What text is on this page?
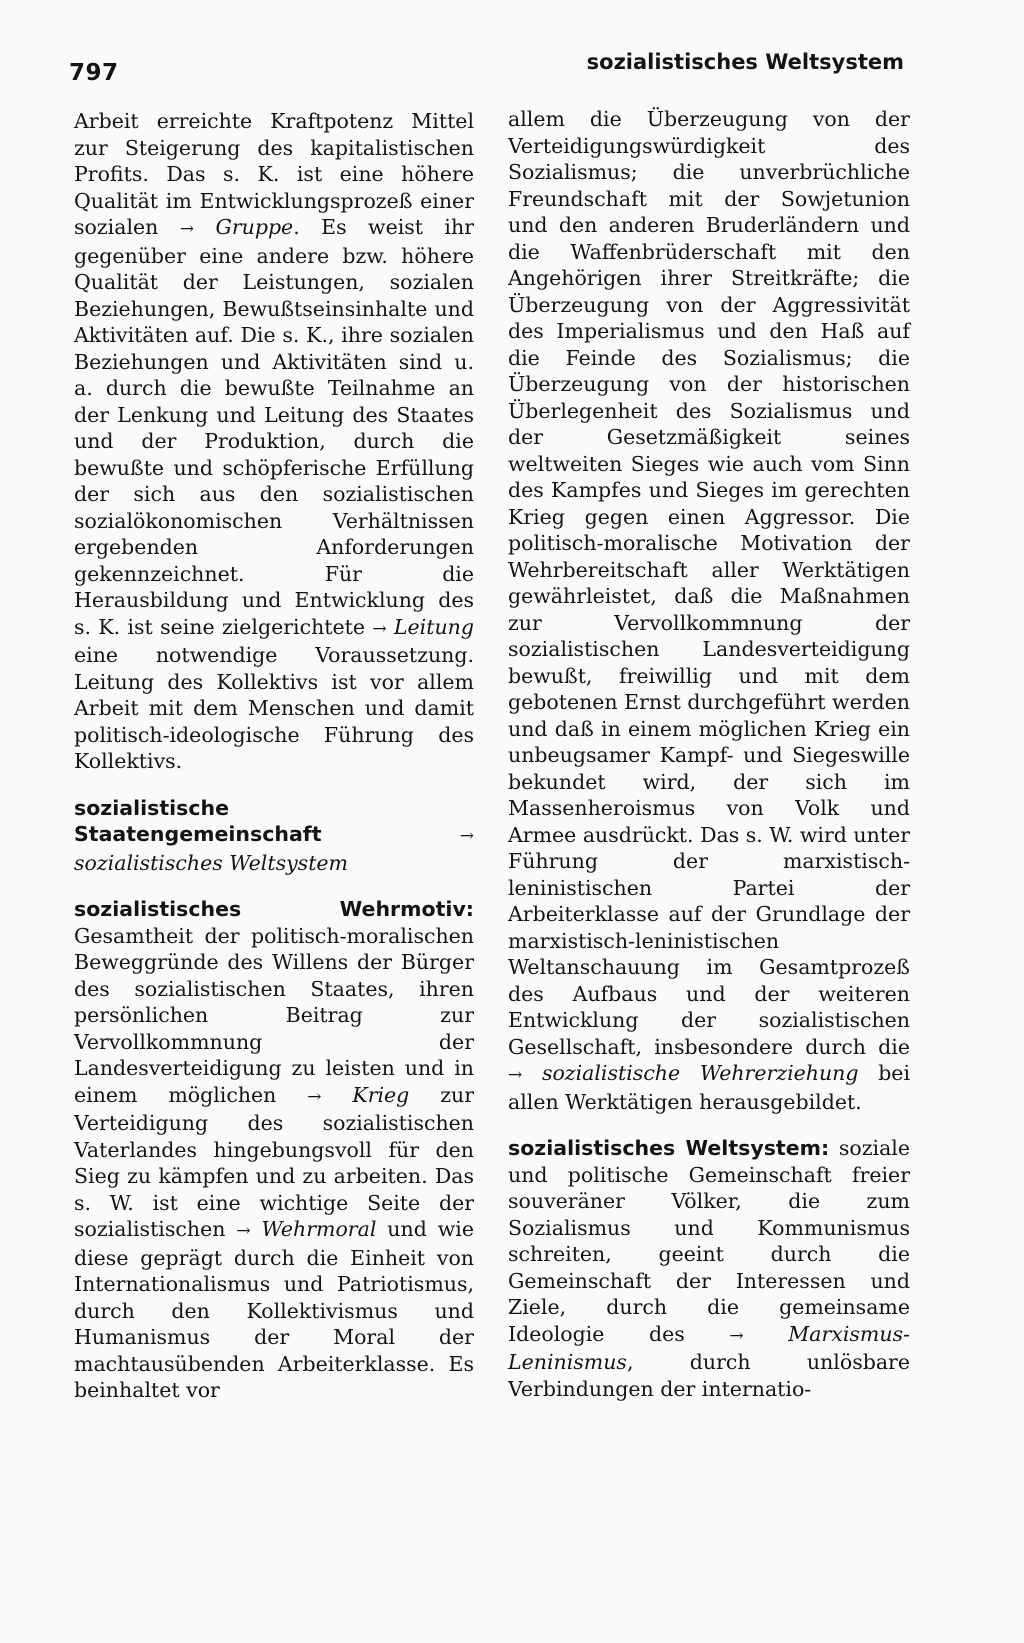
797	sozialistisches Weltsystem

Arbeit erreichte Kraftpotenz Mittel zur Steigerung des kapitalistischen Profits. Das s. K. ist eine höhere Qualität im Entwicklungsprozeß einer sozialen → Gruppe. Es weist ihr gegenüber eine andere bzw. höhere Qualität der Leistungen, sozialen Beziehungen, Bewußtseinsinhalte und Aktivitäten auf. Die s. K., ihre sozialen Beziehungen und Aktivitäten sind u. a. durch die bewußte Teilnahme an der Lenkung und Leitung des Staates und der Produktion, durch die bewußte und schöpferische Erfüllung der sich aus den sozialistischen sozialökonomischen Verhältnissen ergebenden Anforderungen gekennzeichnet. Für die Herausbildung und Entwicklung des s. K. ist seine zielgerichtete → Leitung eine notwendige Voraussetzung. Leitung des Kollektivs ist vor allem Arbeit mit dem Menschen und damit politisch-ideologische Führung des Kollektivs.

sozialistische Staatengemeinschaft	→ sozialistisches Weltsystem

sozialistisches Wehrmotiv: Gesamtheit der politisch-moralischen Beweggründe des Willens der Bürger des sozialistischen Staates, ihren persönlichen Beitrag zur Vervollkommnung der Landesverteidigung zu leisten und in einem möglichen → Krieg zur Verteidigung des sozialistischen Vaterlandes hingebungsvoll für den Sieg zu kämpfen und zu arbeiten. Das s. W. ist eine wichtige Seite der sozialistischen → Wehrmoral und wie diese geprägt durch die Einheit von Internationalismus und Patriotismus, durch den Kollektivismus und Humanismus der Moral der machtausübenden Arbeiterklasse. Es beinhaltet vor

allem die Überzeugung von der Verteidigungswürdigkeit des Sozialismus; die unverbrüchliche Freundschaft mit der Sowjetunion und den anderen Bruderländern und die Waffenbrüderschaft mit den Angehörigen ihrer Streitkräfte; die Überzeugung von der Aggressivität des Imperialismus und den Haß auf die Feinde des Sozialismus; die Überzeugung von der historischen Überlegenheit des Sozialismus und der Gesetzmäßigkeit seines weltweiten Sieges wie auch vom Sinn des Kampfes und Sieges im gerechten Krieg gegen einen Aggressor. Die politisch-moralische Motivation der Wehrbereitschaft aller Werktätigen gewährleistet, daß die Maßnahmen zur Vervollkommnung der sozialistischen Landesverteidigung bewußt, freiwillig und mit dem gebotenen Ernst durchgeführt werden und daß in einem möglichen Krieg ein unbeugsamer Kampf- und Siegeswille bekundet wird, der sich im Massenheroismus von Volk und Armee ausdrückt. Das s. W. wird unter Führung der marxistisch-leninistischen Partei der Arbeiterklasse auf der Grundlage der marxistisch-leninistischen Weltanschauung im Gesamtprozeß des Aufbaus und der weiteren Entwicklung der sozialistischen Gesellschaft, insbesondere durch die → sozialistische Wehrerziehung bei allen Werktätigen herausgebildet.

sozialistisches Weltsystem: soziale und politische Gemeinschaft freier souveräner Völker, die zum Sozialismus und Kommunismus schreiten, geeint durch die Gemeinschaft der Interessen und Ziele, durch die gemeinsame Ideologie des	→ Marxismus-Leninismus, durch unlösbare Verbindungen der internatio-
